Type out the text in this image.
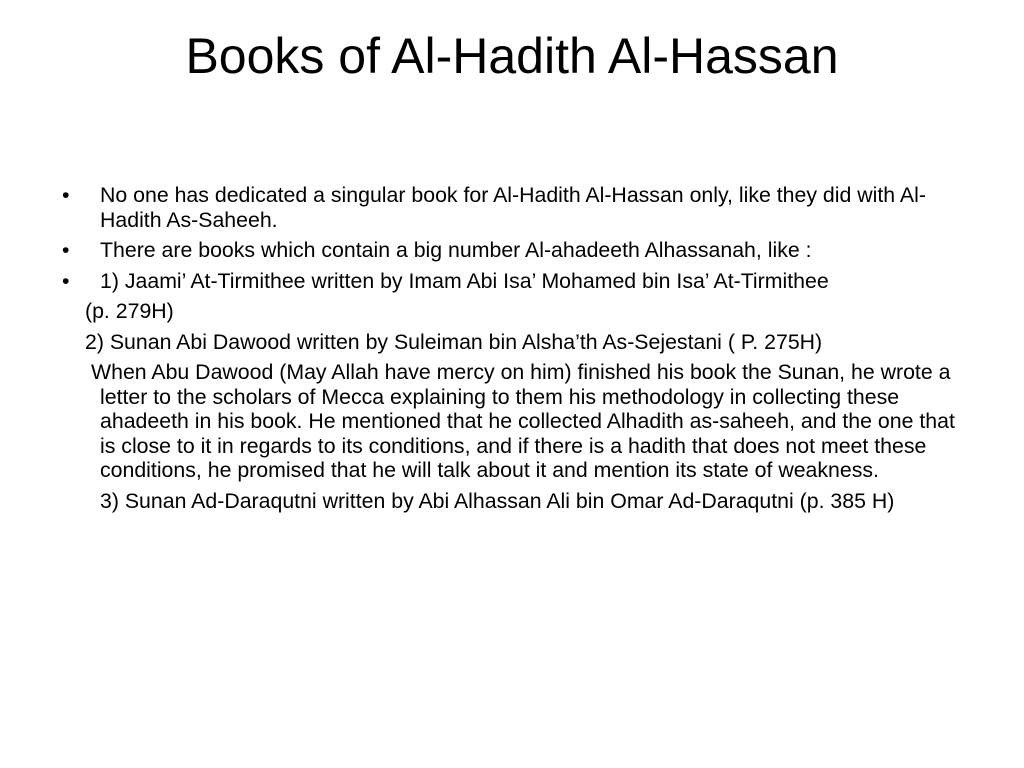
Books of Al-Hadith Al-Hassan
•	No one has dedicated a singular book for Al-Hadith Al-Hassan only, like they did with Al-Hadith As-Saheeh.
•	There are books which contain a big number Al-ahadeeth Alhassanah, like :
•	1) Jaami’ At-Tirmithee written by Imam Abi Isa’ Mohamed bin Isa’ At-Tirmithee
(p. 279H)
2) Sunan Abi Dawood written by Suleiman bin Alsha’th As-Sejestani ( P. 275H)
When Abu Dawood (May Allah have mercy on him) finished his book the Sunan, he wrote a letter to the scholars of Mecca explaining to them his methodology in collecting these ahadeeth in his book. He mentioned that he collected Alhadith as-saheeh, and the one that is close to it in regards to its conditions, and if there is a hadith that does not meet these conditions, he promised that he will talk about it and mention its state of weakness.
3) Sunan Ad-Daraqutni written by Abi Alhassan Ali bin Omar Ad-Daraqutni (p. 385 H)
